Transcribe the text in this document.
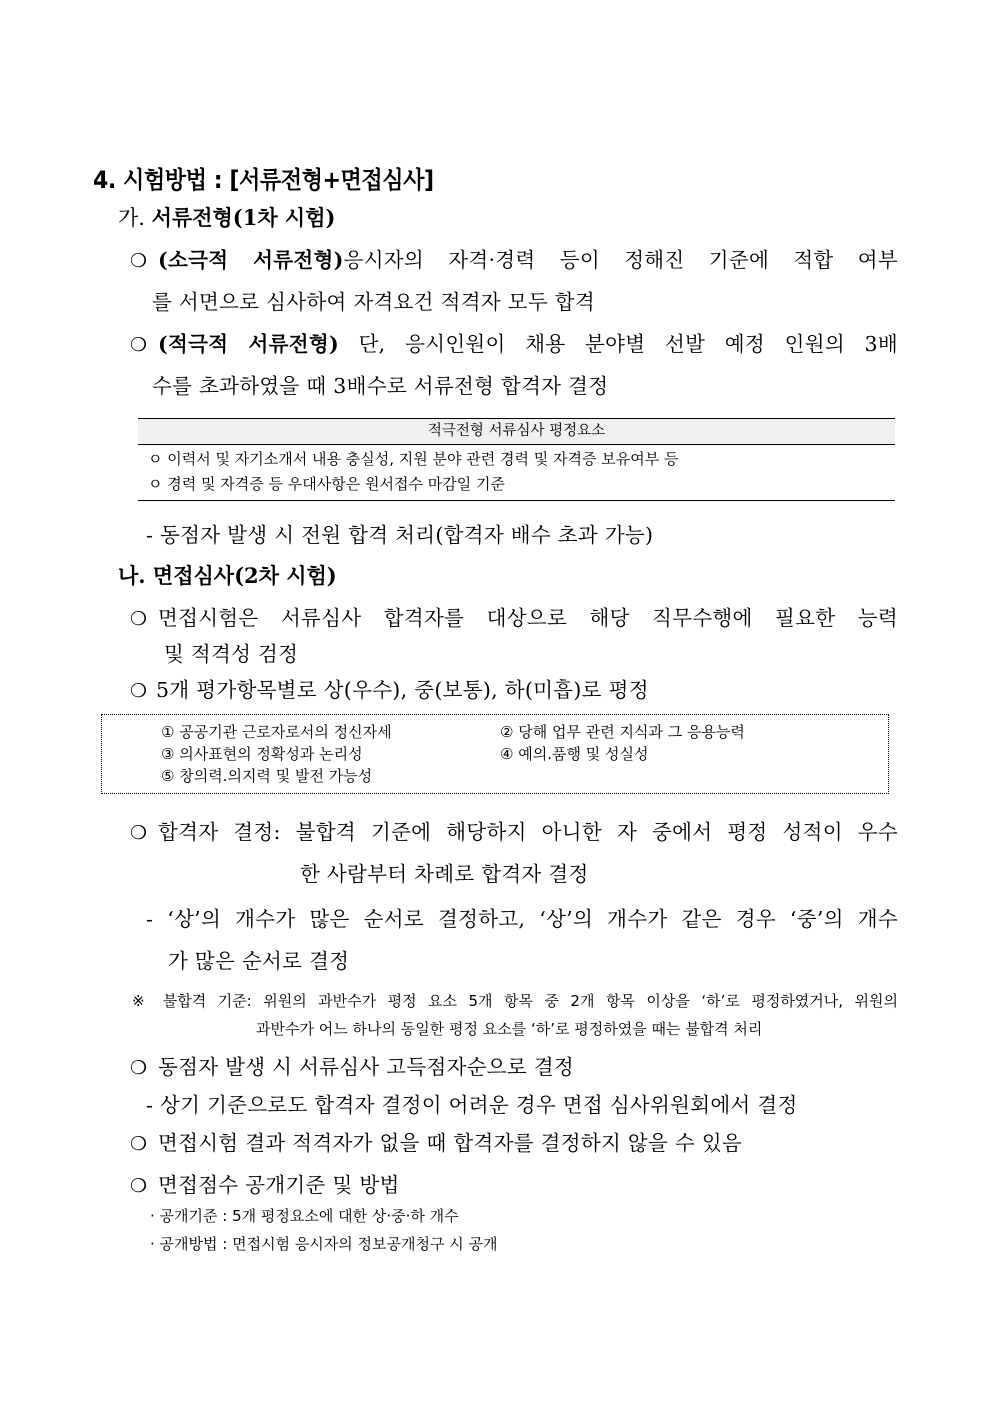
4. 시험방법 : [서류전형+면접심사]
가. 서류전형(1차 시험)
❍ (소극적 서류전형)응시자의 자격·경력 등이 정해진 기준에 적합 여부
를 서면으로 심사하여 자격요건 적격자 모두 합격
❍ (적극적 서류전형) 단, 응시인원이 채용 분야별 선발 예정 인원의 3배
수를 초과하였을 때 3배수로 서류전형 합격자 결정
적극전형 서류심사 평정요소
ㅇ 이력서 및 자기소개서 내용 충실성, 지원 분야 관련 경력 및 자격증 보유여부 등
ㅇ 경력 및 자격증 등 우대사항은 원서접수 마감일 기준
- 동점자 발생 시 전원 합격 처리(합격자 배수 초과 가능)
나. 면접심사(2차 시험)
❍ 면접시험은 서류심사 합격자를 대상으로 해당 직무수행에 필요한 능력
및 적격성 검정
❍ 5개 평가항목별로 상(우수), 중(보통), 하(미흡)로 평정
① 공공기관 근로자로서의 정신자세	② 당해 업무 관련 지식과 그 응용능력
③ 의사표현의 정확성과 논리성	④ 예의.품행 및 성실성
⑤ 창의력.의지력 및 발전 가능성
❍ 합격자 결정: 불합격 기준에 해당하지 아니한 자 중에서 평정 성적이 우수
한 사람부터 차례로 합격자 결정
- ‘상’의 개수가 많은 순서로 결정하고, ‘상’의 개수가 같은 경우 ‘중’의 개수
가 많은 순서로 결정
※ 불합격 기준: 위원의 과반수가 평정 요소 5개 항목 중 2개 항목 이상을 ‘하’로 평정하였거나, 위원의
과반수가 어느 하나의 동일한 평정 요소를 ‘하’로 평정하였을 때는 불합격 처리
❍ 동점자 발생 시 서류심사 고득점자순으로 결정
- 상기 기준으로도 합격자 결정이 어려운 경우 면접 심사위원회에서 결정
❍ 면접시험 결과 적격자가 없을 때 합격자를 결정하지 않을 수 있음
❍ 면접점수 공개기준 및 방법
· 공개기준 : 5개 평정요소에 대한 상·중·하 개수
· 공개방법 : 면접시험 응시자의 정보공개청구 시 공개
